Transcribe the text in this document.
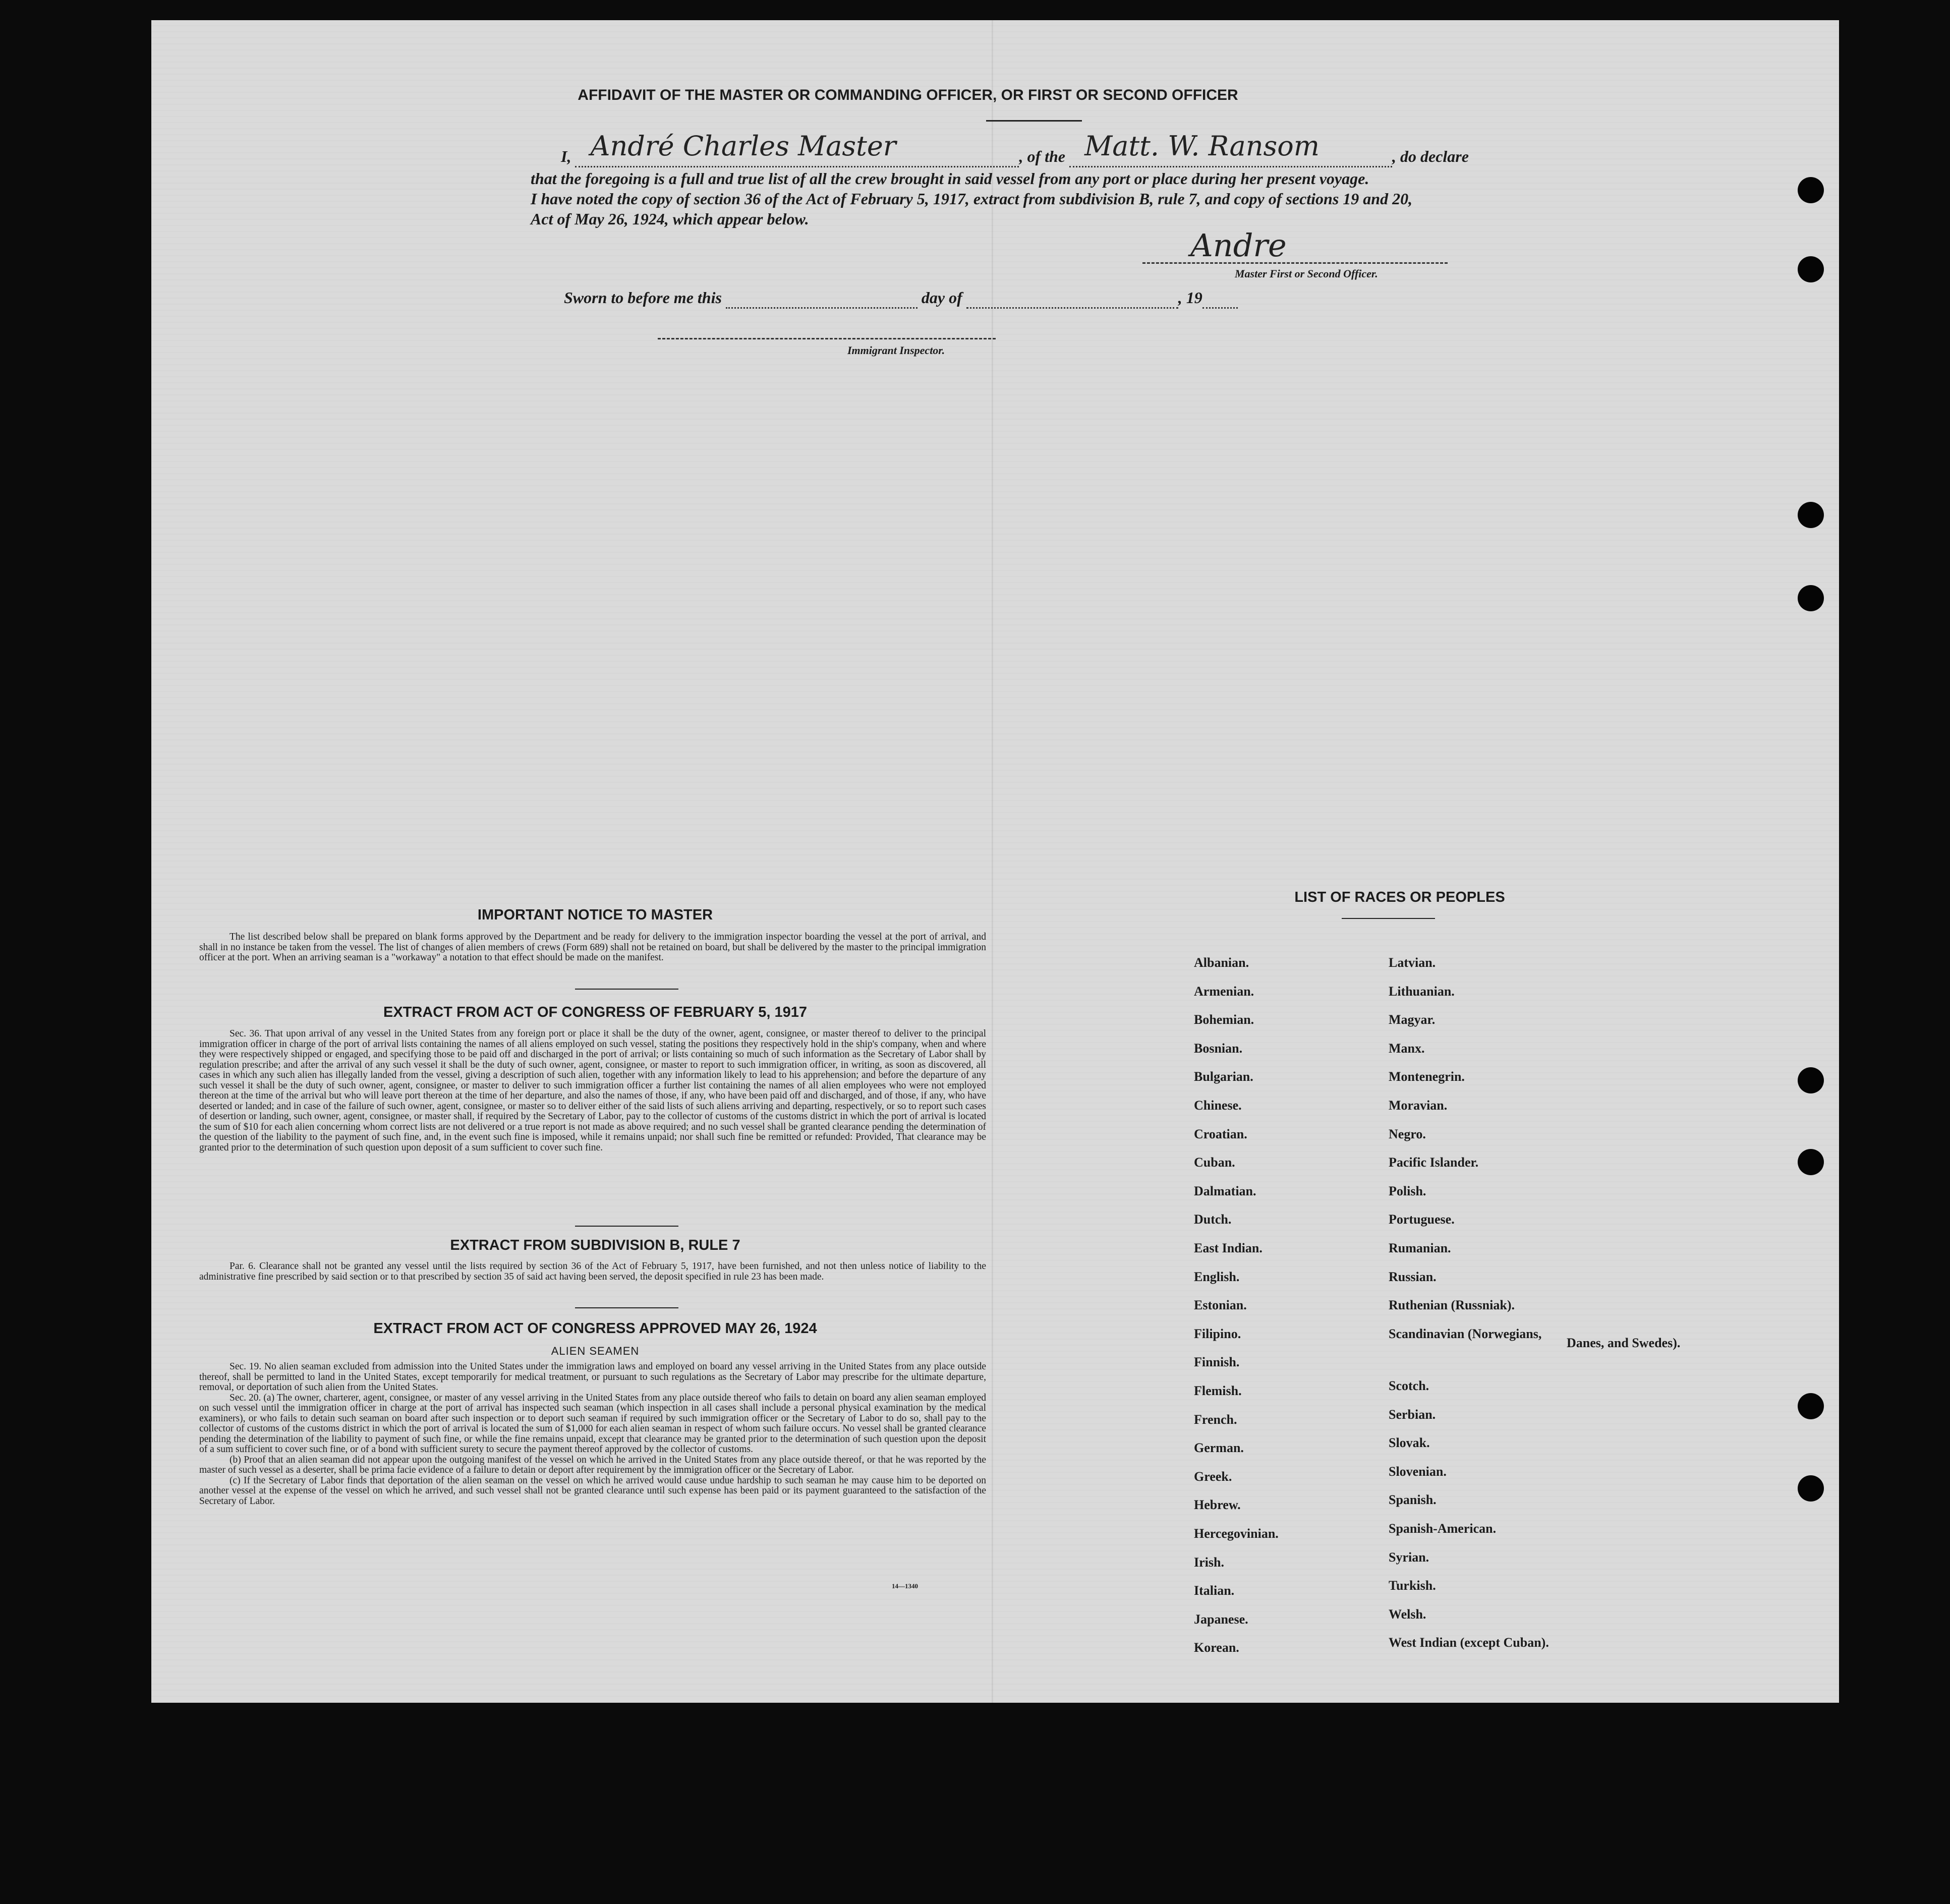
AFFIDAVIT OF THE MASTER OR COMMANDING OFFICER, OR FIRST OR SECOND OFFICER
I, André Charles Master	, of the Matt. W. Ransom	, do declare
that the foregoing is a full and true list of all the crew brought in said vessel from any port or place during her present voyage.
I have noted the copy of section 36 of the Act of February 5, 1917, extract from subdivision B, rule 7, and copy of sections 19 and 20,
Act of May 26, 1924, which appear below.
Andre
Master First or Second Officer.
Sworn to before me this	day of	, 19
Immigrant Inspector.
IMPORTANT NOTICE TO MASTER

The list described below shall be prepared on blank forms approved by the Department and be ready for delivery to the immigration inspector boarding the vessel at the port of arrival, and shall in no instance be taken from the vessel. The list of changes of alien members of crews (Form 689) shall not be retained on board, but shall be delivered by the master to the principal immigration officer at the port. When an arriving seaman is a "workaway" a notation to that effect should be made on the manifest.

EXTRACT FROM ACT OF CONGRESS OF FEBRUARY 5, 1917

Sec. 36. That upon arrival of any vessel in the United States from any foreign port or place it shall be the duty of the owner, agent, consignee, or master thereof to deliver to the principal immigration officer in charge of the port of arrival lists containing the names of all aliens employed on such vessel, stating the positions they respectively hold in the ship's company, when and where they were respectively shipped or engaged, and specifying those to be paid off and discharged in the port of arrival; or lists containing so much of such information as the Secretary of Labor shall by regulation prescribe; and after the arrival of any such vessel it shall be the duty of such owner, agent, consignee, or master to report to such immigration officer, in writing, as soon as discovered, all cases in which any such alien has illegally landed from the vessel, giving a description of such alien, together with any information likely to lead to his apprehension; and before the departure of any such vessel it shall be the duty of such owner, agent, consignee, or master to deliver to such immigration officer a further list containing the names of all alien employees who were not employed thereon at the time of the arrival but who will leave port thereon at the time of her departure, and also the names of those, if any, who have been paid off and discharged, and of those, if any, who have deserted or landed; and in case of the failure of such owner, agent, consignee, or master so to deliver either of the said lists of such aliens arriving and departing, respectively, or so to report such cases of desertion or landing, such owner, agent, consignee, or master shall, if required by the Secretary of Labor, pay to the collector of customs of the customs district in which the port of arrival is located the sum of $10 for each alien concerning whom correct lists are not delivered or a true report is not made as above required; and no such vessel shall be granted clearance pending the determination of the question of the liability to the payment of such fine, and, in the event such fine is imposed, while it remains unpaid; nor shall such fine be remitted or refunded: Provided, That clearance may be granted prior to the determination of such question upon deposit of a sum sufficient to cover such fine.

EXTRACT FROM SUBDIVISION B, RULE 7

Par. 6. Clearance shall not be granted any vessel until the lists required by section 36 of the Act of February 5, 1917, have been furnished, and not then unless notice of liability to the administrative fine prescribed by said section or to that prescribed by section 35 of said act having been served, the deposit specified in rule 23 has been made.

EXTRACT FROM ACT OF CONGRESS APPROVED MAY 26, 1924
ALIEN SEAMEN

Sec. 19. No alien seaman excluded from admission into the United States under the immigration laws and employed on board any vessel arriving in the United States from any place outside thereof, shall be permitted to land in the United States, except temporarily for medical treatment, or pursuant to such regulations as the Secretary of Labor may prescribe for the ultimate departure, removal, or deportation of such alien from the United States.

Sec. 20. (a) The owner, charterer, agent, consignee, or master of any vessel arriving in the United States from any place outside thereof who fails to detain on board any alien seaman employed on such vessel until the immigration officer in charge at the port of arrival has inspected such seaman (which inspection in all cases shall include a personal physical examination by the medical examiners), or who fails to detain such seaman on board after such inspection or to deport such seaman if required by such immigration officer or the Secretary of Labor to do so, shall pay to the collector of customs of the customs district in which the port of arrival is located the sum of $1,000 for each alien seaman in respect of whom such failure occurs. No vessel shall be granted clearance pending the determination of the liability to payment of such fine, or while the fine remains unpaid, except that clearance may be granted prior to the determination of such question upon the deposit of a sum sufficient to cover such fine, or of a bond with sufficient surety to secure the payment thereof approved by the collector of customs.

(b) Proof that an alien seaman did not appear upon the outgoing manifest of the vessel on which he arrived in the United States from any place outside thereof, or that he was reported by the master of such vessel as a deserter, shall be prima facie evidence of a failure to detain or deport after requirement by the immigration officer or the Secretary of Labor.

(c) If the Secretary of Labor finds that deportation of the alien seaman on the vessel on which he arrived would cause undue hardship to such seaman he may cause him to be deported on another vessel at the expense of the vessel on which he arrived, and such vessel shall not be granted clearance until such expense has been paid or its payment guaranteed to the satisfaction of the Secretary of Labor.

14—1340
LIST OF RACES OR PEOPLES
Albanian.
Armenian.
Bohemian.
Bosnian.
Bulgarian.
Chinese.
Croatian.
Cuban.
Dalmatian.
Dutch.
East Indian.
English.
Estonian.
Filipino.
Finnish.
Flemish.
French.
German.
Greek.
Hebrew.
Hercegovinian.
Irish.
Italian.
Japanese.
Korean.
Latvian.
Lithuanian.
Magyar.
Manx.
Montenegrin.
Moravian.
Negro.
Pacific Islander.
Polish.
Portuguese.
Rumanian.
Russian.
Ruthenian (Russniak).
Scandinavian (Norwegians,
Scotch.
Serbian.
Slovak.
Slovenian.
Spanish.
Spanish-American.
Syrian.
Turkish.
Welsh.
West Indian (except Cuban).
Danes, and Swedes).
